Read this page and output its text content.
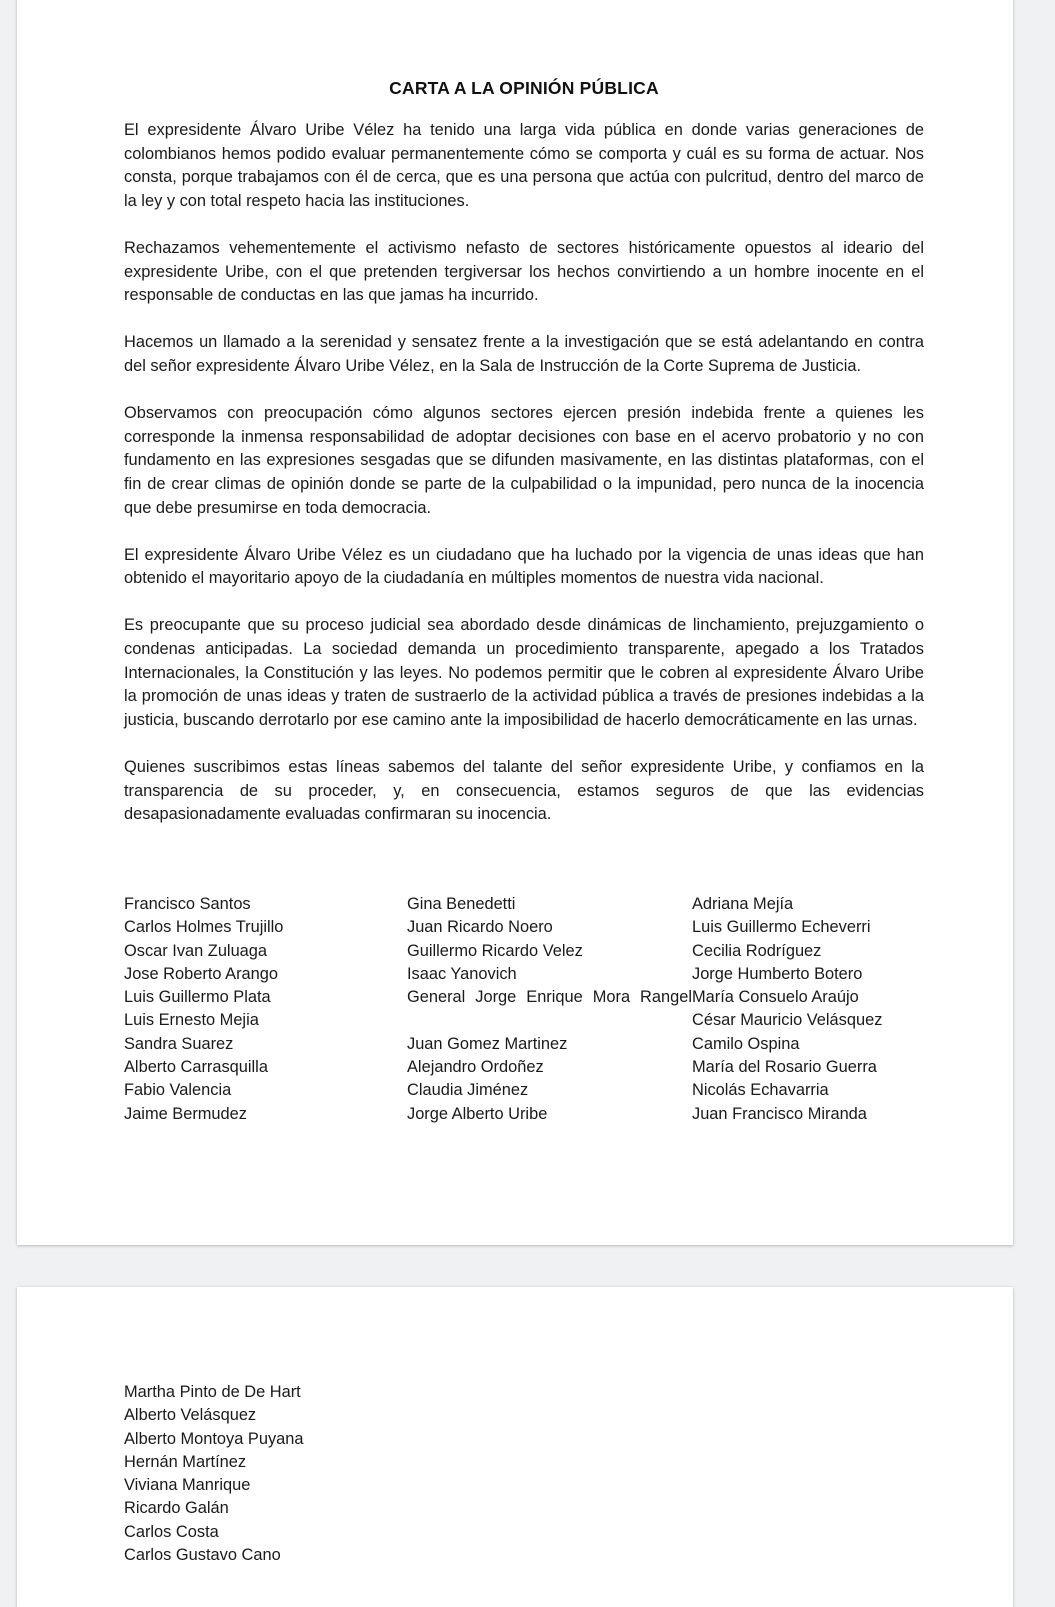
CARTA A LA OPINIÓN PÚBLICA

El expresidente Álvaro Uribe Vélez ha tenido una larga vida pública en donde varias generaciones de colombianos hemos podido evaluar permanentemente cómo se comporta y cuál es su forma de actuar. Nos consta, porque trabajamos con él de cerca, que es una persona que actúa con pulcritud, dentro del marco de la ley y con total respeto hacia las instituciones.

Rechazamos vehementemente el activismo nefasto de sectores históricamente opuestos al ideario del expresidente Uribe, con el que pretenden tergiversar los hechos convirtiendo a un hombre inocente en el responsable de conductas en las que jamas ha incurrido.

Hacemos un llamado a la serenidad y sensatez frente a la investigación que se está adelantando en contra del señor expresidente Álvaro Uribe Vélez, en la Sala de Instrucción de la Corte Suprema de Justicia.

Observamos con preocupación cómo algunos sectores ejercen presión indebida frente a quienes les corresponde la inmensa responsabilidad de adoptar decisiones con base en el acervo probatorio y no con fundamento en las expresiones sesgadas que se difunden masivamente, en las distintas plataformas, con el fin de crear climas de opinión donde se parte de la culpabilidad o la impunidad, pero nunca de la inocencia que debe presumirse en toda democracia.

El expresidente Álvaro Uribe Vélez es un ciudadano que ha luchado por la vigencia de unas ideas que han obtenido el mayoritario apoyo de la ciudadanía en múltiples momentos de nuestra vida nacional.

Es preocupante que su proceso judicial sea abordado desde dinámicas de linchamiento, prejuzgamiento o condenas anticipadas. La sociedad demanda un procedimiento transparente, apegado a los Tratados Internacionales, la Constitución y las leyes. No podemos permitir que le cobren al expresidente Álvaro Uribe la promoción de unas ideas y traten de sustraerlo de la actividad pública a través de presiones indebidas a la justicia, buscando derrotarlo por ese camino ante la imposibilidad de hacerlo democráticamente en las urnas.

Quienes suscribimos estas líneas sabemos del talante del señor expresidente Uribe, y confiamos en la transparencia de su proceder, y, en consecuencia, estamos seguros de que las evidencias desapasionadamente evaluadas confirmaran su inocencia.

Francisco Santos
Carlos Holmes Trujillo
Oscar Ivan Zuluaga
Jose Roberto Arango
Luis Guillermo Plata
Luis Ernesto Mejia
Sandra Suarez
Alberto Carrasquilla
Fabio Valencia
Jaime Bermudez
Gina Benedetti
Juan Ricardo Noero
Guillermo Ricardo Velez
Isaac Yanovich
General Jorge Enrique Mora Rangel
Juan Gomez Martinez
Alejandro Ordoñez
Claudia Jiménez
Jorge Alberto Uribe
Adriana Mejía
Luis Guillermo Echeverri
Cecilia Rodríguez
Jorge Humberto Botero
María Consuelo Araújo
César Mauricio Velásquez
Camilo Ospina
María del Rosario Guerra
Nicolás Echavarria
Juan Francisco Miranda
Martha Pinto de De Hart
Alberto Velásquez
Alberto Montoya Puyana
Hernán Martínez
Viviana Manrique
Ricardo Galán
Carlos Costa
Carlos Gustavo Cano
